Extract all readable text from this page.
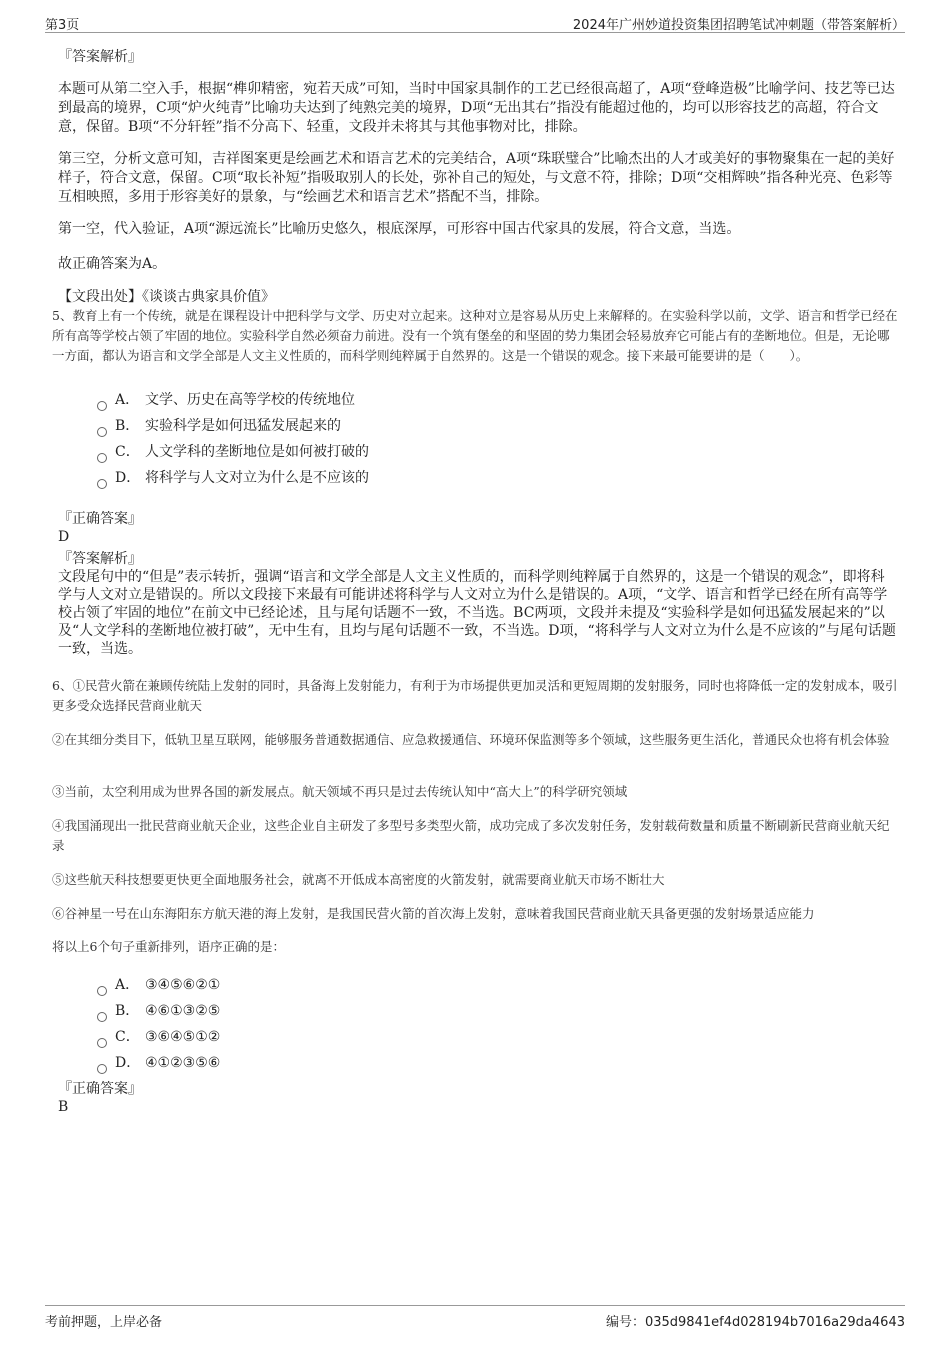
第3页	2024年广州妙道投资集团招聘笔试冲刺题（带答案解析）
『答案解析』
本题可从第二空入手，根据“榫卯精密，宛若天成”可知，当时中国家具制作的工艺已经很高超了，A项“登峰造极”比喻学问、技艺等已达到最高的境界，C项“炉火纯青”比喻功夫达到了纯熟完美的境界，D项“无出其右”指没有能超过他的，均可以形容技艺的高超，符合文意，保留。B项“不分轩轾”指不分高下、轻重，文段并未将其与其他事物对比，排除。
第三空，分析文意可知，吉祥图案更是绘画艺术和语言艺术的完美结合，A项“珠联璧合”比喻杰出的人才或美好的事物聚集在一起的美好样子，符合文意，保留。C项“取长补短”指吸取别人的长处，弥补自己的短处，与文意不符，排除；D项“交相辉映”指各种光亮、色彩等互相映照，多用于形容美好的景象，与“绘画艺术和语言艺术”搭配不当，排除。
第一空，代入验证，A项“源远流长”比喻历史悠久，根底深厚，可形容中国古代家具的发展，符合文意，当选。
故正确答案为A。
【文段出处】《谈谈古典家具价值》
5、教育上有一个传统，就是在课程设计中把科学与文学、历史对立起来。这种对立是容易从历史上来解释的。在实验科学以前，文学、语言和哲学已经在所有高等学校占领了牢固的地位。实验科学自然必须奋力前进。没有一个筑有堡垒的和坚固的势力集团会轻易放弃它可能占有的垄断地位。但是，无论哪一方面，都认为语言和文学全部是人文主义性质的，而科学则纯粹属于自然界的。这是一个错误的观念。接下来最可能要讲的是（　　）。
A． 文学、历史在高等学校的传统地位
B． 实验科学是如何迅猛发展起来的
C． 人文学科的垄断地位是如何被打破的
D． 将科学与人文对立为什么是不应该的
『正确答案』
D
『答案解析』
文段尾句中的“但是”表示转折，强调“语言和文学全部是人文主义性质的，而科学则纯粹属于自然界的，这是一个错误的观念”，即将科学与人文对立是错误的。所以文段接下来最有可能讲述将科学与人文对立为什么是错误的。A项，“文学、语言和哲学已经在所有高等学校占领了牢固的地位”在前文中已经论述，且与尾句话题不一致，不当选。BC两项，文段并未提及“实验科学是如何迅猛发展起来的”以及“人文学科的垄断地位被打破”，无中生有，且均与尾句话题不一致，不当选。D项，“将科学与人文对立为什么是不应该的”与尾句话题一致，当选。
6、①民营火箭在兼顾传统陆上发射的同时，具备海上发射能力，有利于为市场提供更加灵活和更短周期的发射服务，同时也将降低一定的发射成本，吸引更多受众选择民营商业航天
②在其细分类目下，低轨卫星互联网，能够服务普通数据通信、应急救援通信、环境环保监测等多个领域，这些服务更生活化，普通民众也将有机会体验
③当前，太空利用成为世界各国的新发展点。航天领域不再只是过去传统认知中“高大上”的科学研究领域
④我国涌现出一批民营商业航天企业，这些企业自主研发了多型号多类型火箭，成功完成了多次发射任务，发射载荷数量和质量不断刷新民营商业航天纪录
⑤这些航天科技想要更快更全面地服务社会，就离不开低成本高密度的火箭发射，就需要商业航天市场不断壮大
⑥谷神星一号在山东海阳东方航天港的海上发射，是我国民营火箭的首次海上发射，意味着我国民营商业航天具备更强的发射场景适应能力
将以上6个句子重新排列，语序正确的是：
A． ③④⑤⑥②①
B． ④⑥①③②⑤
C． ③⑥④⑤①②
D． ④①②③⑤⑥
『正确答案』
B
考前押题，上岸必备	编号：035d9841ef4d028194b7016a29da4643
